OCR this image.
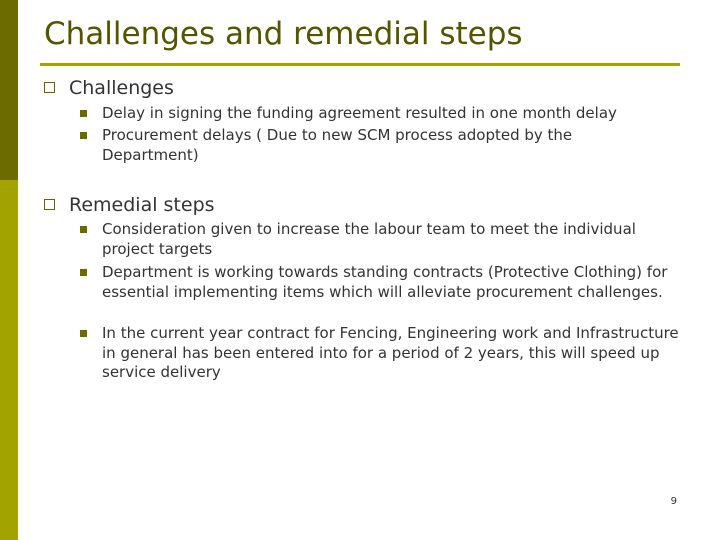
Challenges and remedial steps
Challenges
Delay in signing the funding agreement resulted in one month delay
Procurement delays ( Due to new SCM process adopted by the Department)
Remedial steps
Consideration given to increase the labour team to meet the individual project targets
Department is working towards standing contracts (Protective Clothing) for essential implementing items which will alleviate procurement challenges.
In the current year contract for Fencing, Engineering work and Infrastructure in general has been entered into for a period of 2 years, this will speed up service delivery
9
